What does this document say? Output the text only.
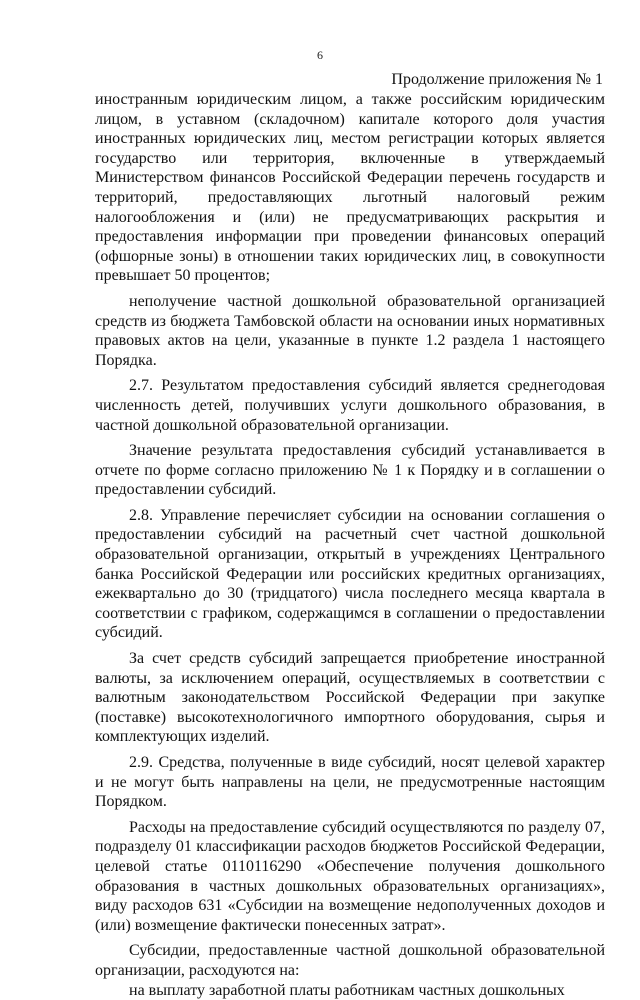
6
Продолжение приложения № 1

иностранным юридическим лицом, а также российским юридическим лицом, в уставном (складочном) капитале которого доля участия иностранных юридических лиц, местом регистрации которых является государство или территория, включенные в утверждаемый Министерством финансов Российской Федерации перечень государств и территорий, предоставляющих льготный налоговый режим налогообложения и (или) не предусматривающих раскрытия и предоставления информации при проведении финансовых операций (офшорные зоны) в отношении таких юридических лиц, в совокупности превышает 50 процентов;

неполучение частной дошкольной образовательной организацией средств из бюджета Тамбовской области на основании иных нормативных правовых актов на цели, указанные в пункте 1.2 раздела 1 настоящего Порядка.

2.7. Результатом предоставления субсидий является среднегодовая численность детей, получивших услуги дошкольного образования, в частной дошкольной образовательной организации.

Значение результата предоставления субсидий устанавливается в отчете по форме согласно приложению № 1 к Порядку и в соглашении о предоставлении субсидий.

2.8. Управление перечисляет субсидии на основании соглашения о предоставлении субсидий на расчетный счет частной дошкольной образовательной организации, открытый в учреждениях Центрального банка Российской Федерации или российских кредитных организациях, ежеквартально до 30 (тридцатого) числа последнего месяца квартала в соответствии с графиком, содержащимся в соглашении о предоставлении субсидий.

За счет средств субсидий запрещается приобретение иностранной валюты, за исключением операций, осуществляемых в соответствии с валютным законодательством Российской Федерации при закупке (поставке) высокотехнологичного импортного оборудования, сырья и комплектующих изделий.

2.9. Средства, полученные в виде субсидий, носят целевой характер и не могут быть направлены на цели, не предусмотренные настоящим Порядком.

Расходы на предоставление субсидий осуществляются по разделу 07, подразделу 01 классификации расходов бюджетов Российской Федерации, целевой статье 0110116290 «Обеспечение получения дошкольного образования в частных дошкольных образовательных организациях», виду расходов 631 «Субсидии на возмещение недополученных доходов и (или) возмещение фактически понесенных затрат».

Субсидии, предоставленные частной дошкольной образовательной организации, расходуются на:

на выплату заработной платы работникам частных дошкольных
